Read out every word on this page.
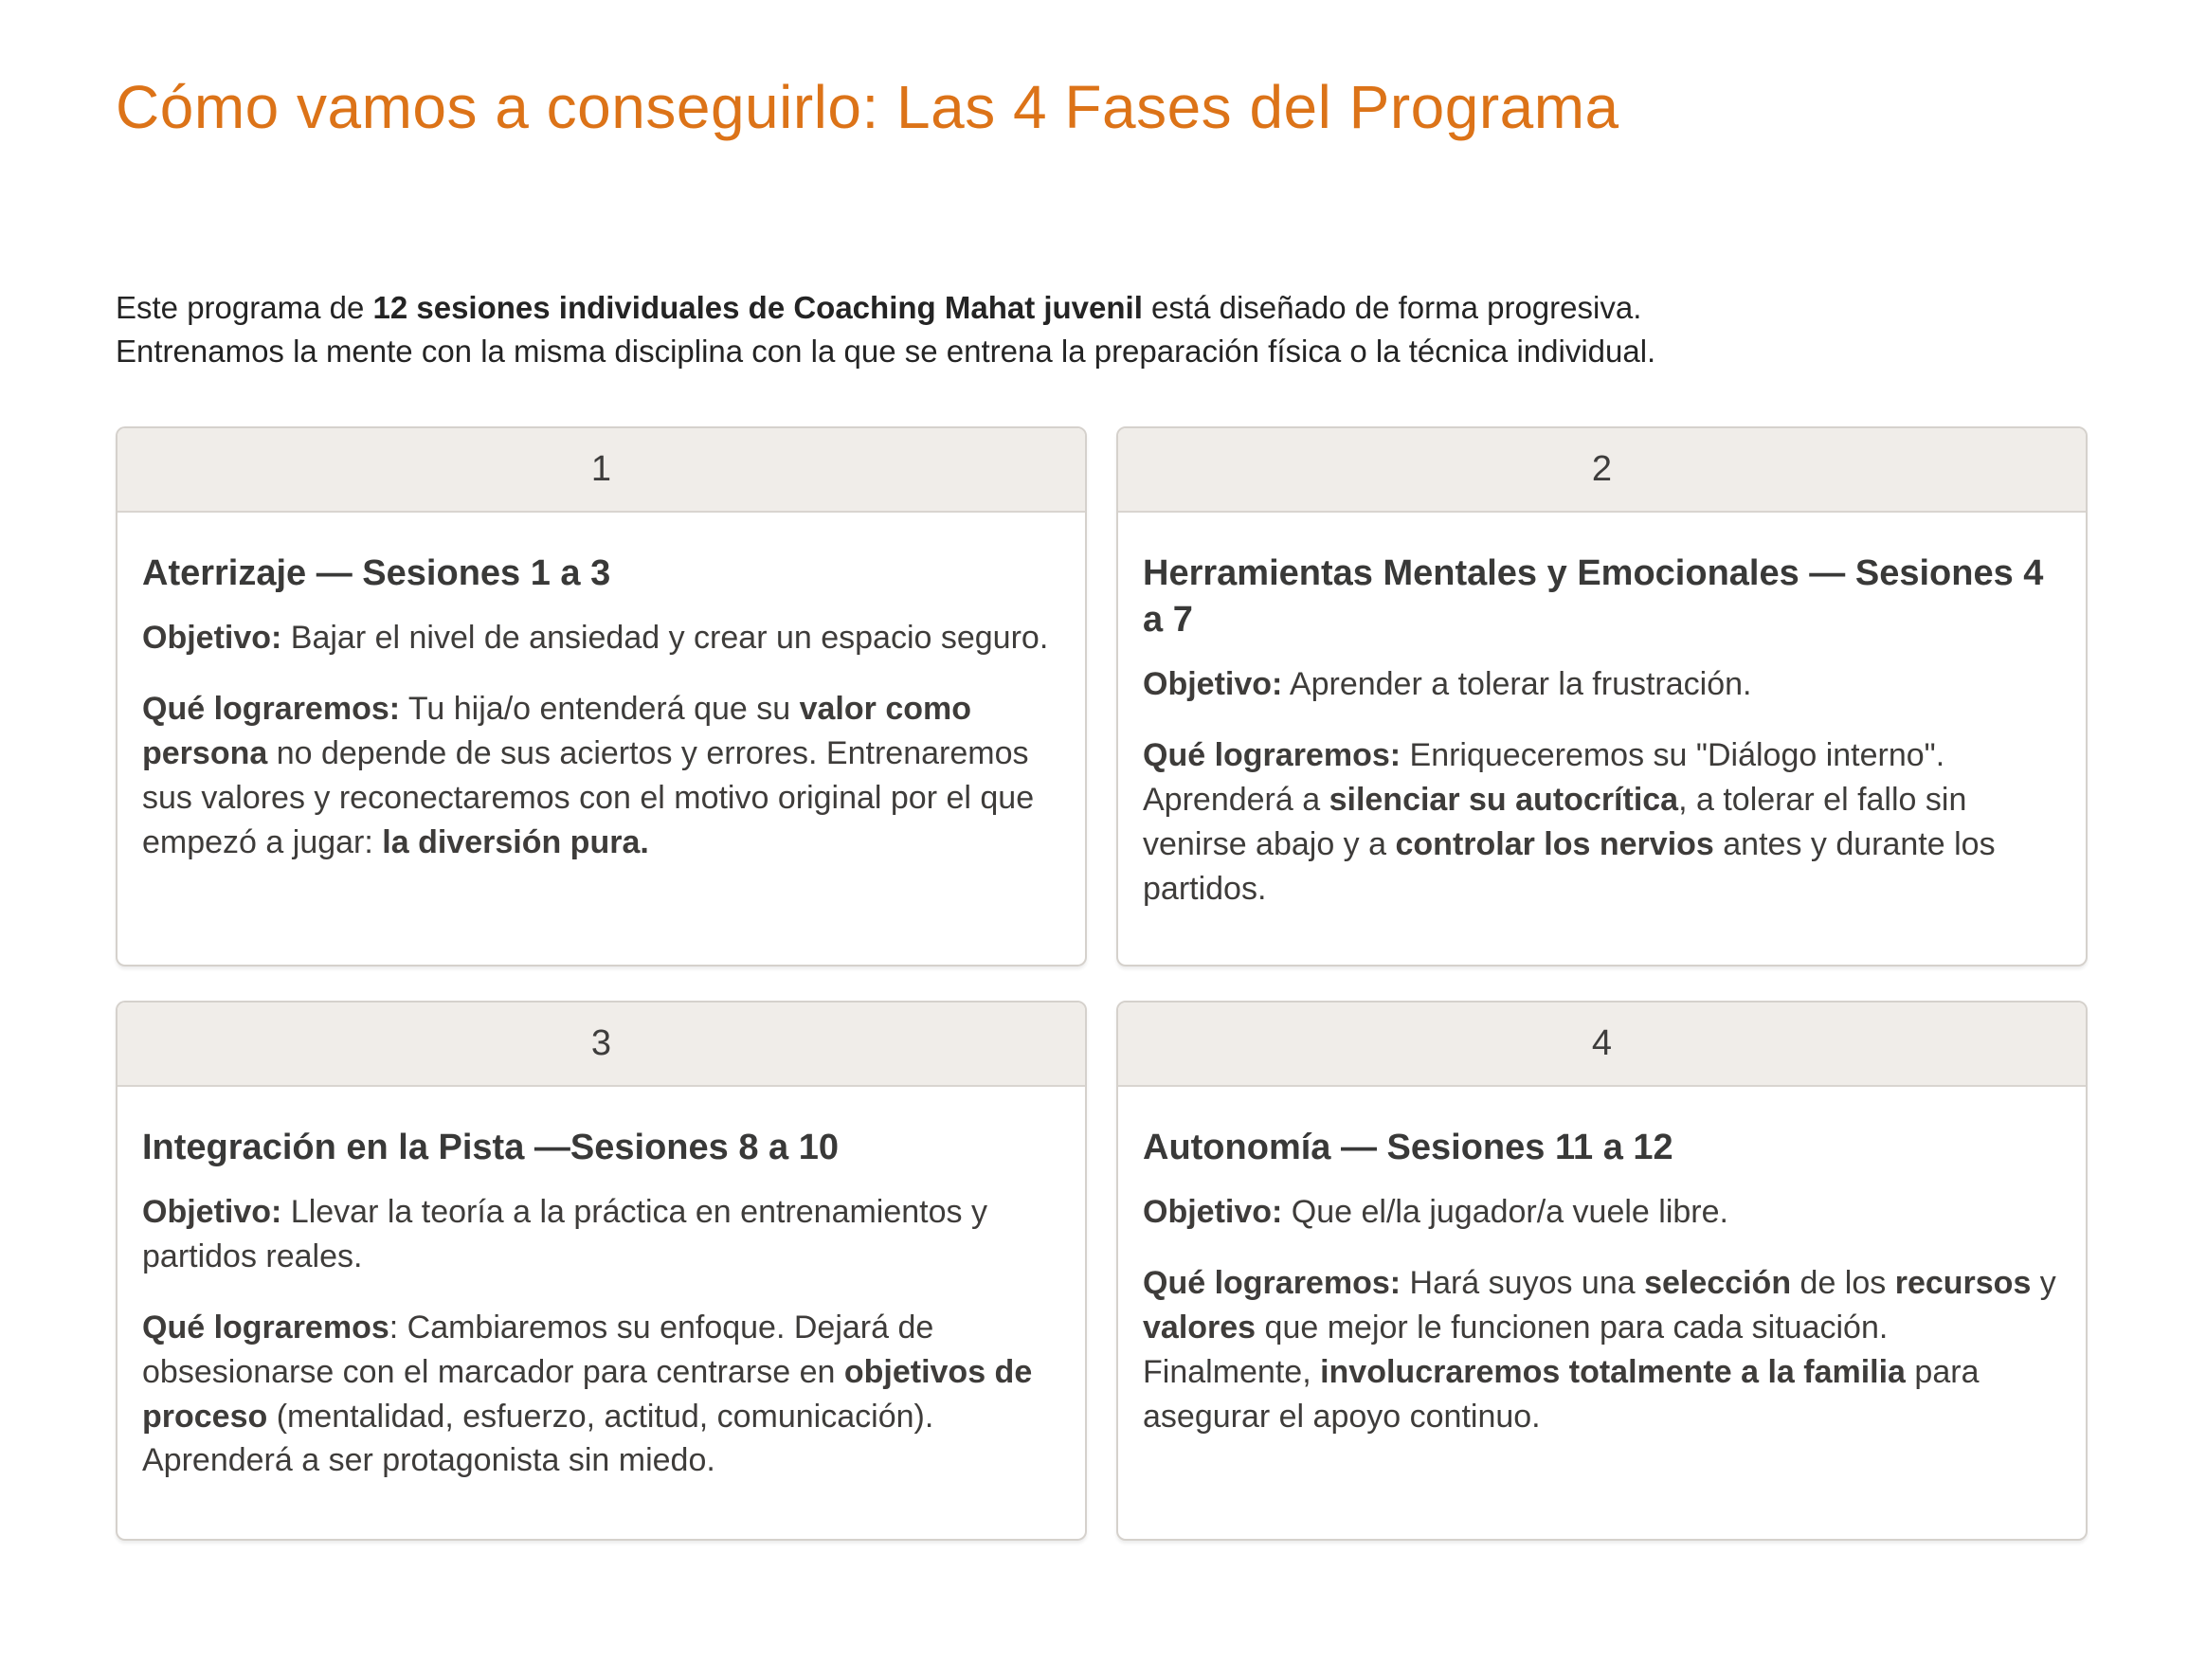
Cómo vamos a conseguirlo: Las 4 Fases del Programa

Este programa de 12 sesiones individuales de Coaching Mahat juvenil está diseñado de forma progresiva. Entrenamos la mente con la misma disciplina con la que se entrena la preparación física o la técnica individual.

1
Aterrizaje — Sesiones 1 a 3

Objetivo: Bajar el nivel de ansiedad y crear un espacio seguro.

Qué lograremos: Tu hija/o entenderá que su valor como persona no depende de sus aciertos y errores. Entrenaremos sus valores y reconectaremos con el motivo original por el que empezó a jugar: la diversión pura.

2
Herramientas Mentales y Emocionales — Sesiones 4 a 7

Objetivo: Aprender a tolerar la frustración.

Qué lograremos: Enriqueceremos su "Diálogo interno". Aprenderá a silenciar su autocrítica, a tolerar el fallo sin venirse abajo y a controlar los nervios antes y durante los partidos.

3
Integración en la Pista —Sesiones 8 a 10

Objetivo: Llevar la teoría a la práctica en entrenamientos y partidos reales.

Qué lograremos: Cambiaremos su enfoque. Dejará de obsesionarse con el marcador para centrarse en objetivos de proceso (mentalidad, esfuerzo, actitud, comunicación). Aprenderá a ser protagonista sin miedo.

4
Autonomía — Sesiones 11 a 12

Objetivo: Que el/la jugador/a vuele libre.

Qué lograremos: Hará suyos una selección de los recursos y valores que mejor le funcionen para cada situación. Finalmente, involucraremos totalmente a la familia para asegurar el apoyo continuo.
